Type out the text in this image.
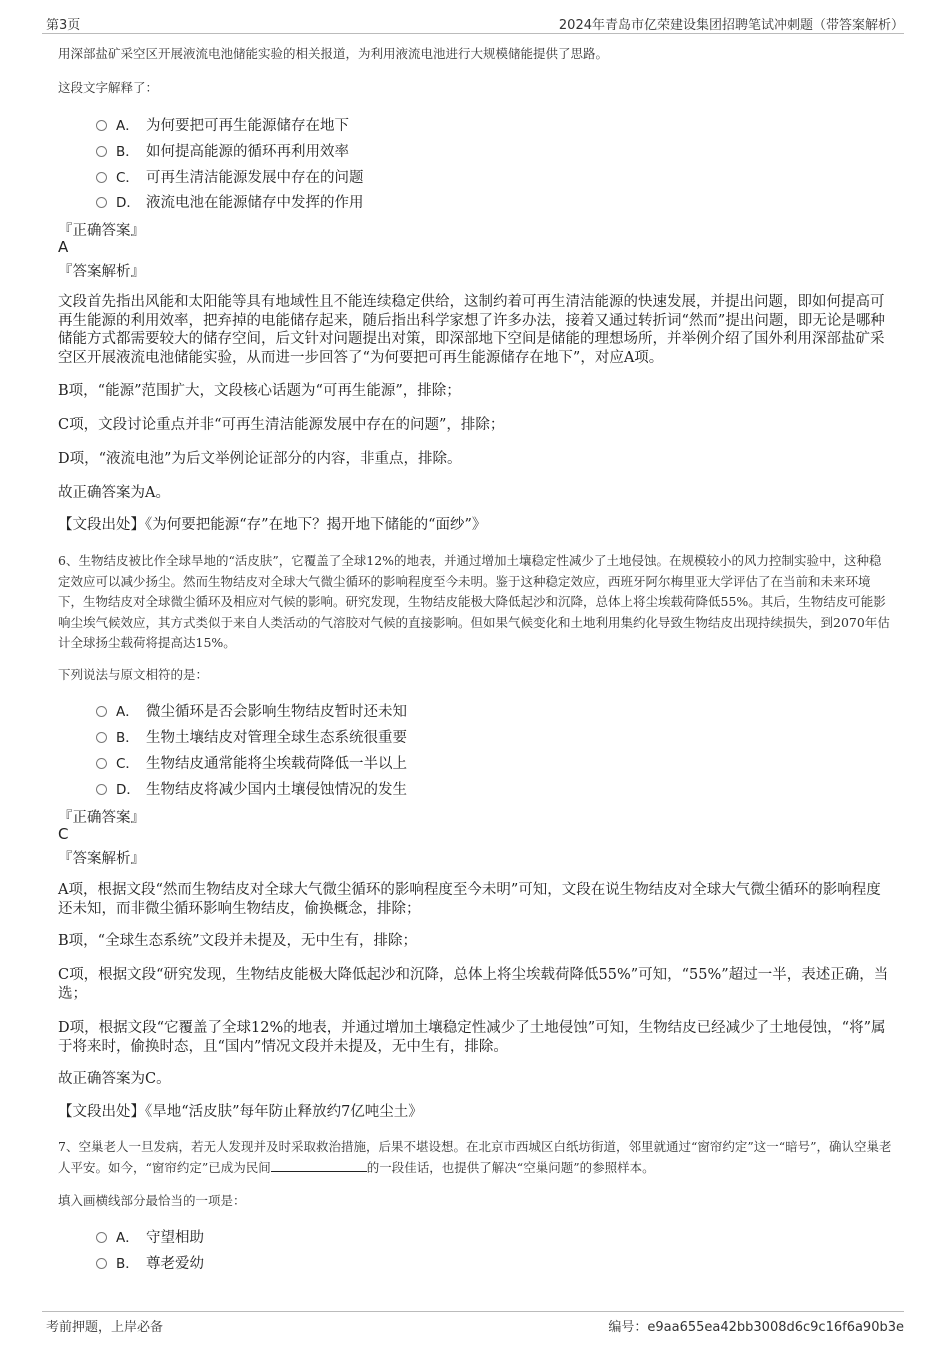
第3页	2024年青岛市亿荣建设集团招聘笔试冲刺题（带答案解析）
用深部盐矿采空区开展液流电池储能实验的相关报道，为利用液流电池进行大规模储能提供了思路。
这段文字解释了：
A． 为何要把可再生能源储存在地下
B． 如何提高能源的循环再利用效率
C． 可再生清洁能源发展中存在的问题
D． 液流电池在能源储存中发挥的作用
『正确答案』
A
『答案解析』
文段首先指出风能和太阳能等具有地域性且不能连续稳定供给，这制约着可再生清洁能源的快速发展，并提出问题，即如何提高可再生能源的利用效率，把弃掉的电能储存起来，随后指出科学家想了许多办法，接着又通过转折词“然而”提出问题，即无论是哪种储能方式都需要较大的储存空间，后文针对问题提出对策，即深部地下空间是储能的理想场所，并举例介绍了国外利用深部盐矿采空区开展液流电池储能实验，从而进一步回答了“为何要把可再生能源储存在地下”，对应A项。
B项，“能源”范围扩大，文段核心话题为“可再生能源”，排除；
C项，文段讨论重点并非“可再生清洁能源发展中存在的问题”，排除；
D项，“液流电池”为后文举例论证部分的内容，非重点，排除。
故正确答案为A。
【文段出处】《为何要把能源“存”在地下？揭开地下储能的“面纱”》
6、生物结皮被比作全球旱地的“活皮肤”，它覆盖了全球12%的地表，并通过增加土壤稳定性减少了土地侵蚀。在规模较小的风力控制实验中，这种稳定效应可以减少扬尘。然而生物结皮对全球大气微尘循环的影响程度至今未明。鉴于这种稳定效应，西班牙阿尔梅里亚大学评估了在当前和未来环境下，生物结皮对全球微尘循环及相应对气候的影响。研究发现，生物结皮能极大降低起沙和沉降，总体上将尘埃载荷降低55%。其后，生物结皮可能影响尘埃气候效应，其方式类似于来自人类活动的气溶胶对气候的直接影响。但如果气候变化和土地利用集约化导致生物结皮出现持续损失，到2070年估计全球扬尘载荷将提高达15%。
下列说法与原文相符的是：
A． 微尘循环是否会影响生物结皮暂时还未知
B． 生物土壤结皮对管理全球生态系统很重要
C． 生物结皮通常能将尘埃载荷降低一半以上
D． 生物结皮将减少国内土壤侵蚀情况的发生
『正确答案』
C
『答案解析』
A项，根据文段“然而生物结皮对全球大气微尘循环的影响程度至今未明”可知，文段在说生物结皮对全球大气微尘循环的影响程度还未知，而非微尘循环影响生物结皮，偷换概念，排除；
B项，“全球生态系统”文段并未提及，无中生有，排除；
C项，根据文段“研究发现，生物结皮能极大降低起沙和沉降，总体上将尘埃载荷降低55%”可知，“55%”超过一半，表述正确，当选；
D项，根据文段“它覆盖了全球12%的地表，并通过增加土壤稳定性减少了土地侵蚀”可知，生物结皮已经减少了土地侵蚀，“将”属于将来时，偷换时态，且“国内”情况文段并未提及，无中生有，排除。
故正确答案为C。
【文段出处】《旱地“活皮肤”每年防止释放约7亿吨尘土》
7、空巢老人一旦发病，若无人发现并及时采取救治措施，后果不堪设想。在北京市西城区白纸坊街道，邻里就通过“窗帘约定”这一“暗号”，确认空巢老人平安。如今，“窗帘约定”已成为民间	的一段佳话，也提供了解决“空巢问题”的参照样本。
填入画横线部分最恰当的一项是：
A． 守望相助
B． 尊老爱幼
考前押题，上岸必备	编号：e9aa655ea42bb3008d6c9c16f6a90b3e
